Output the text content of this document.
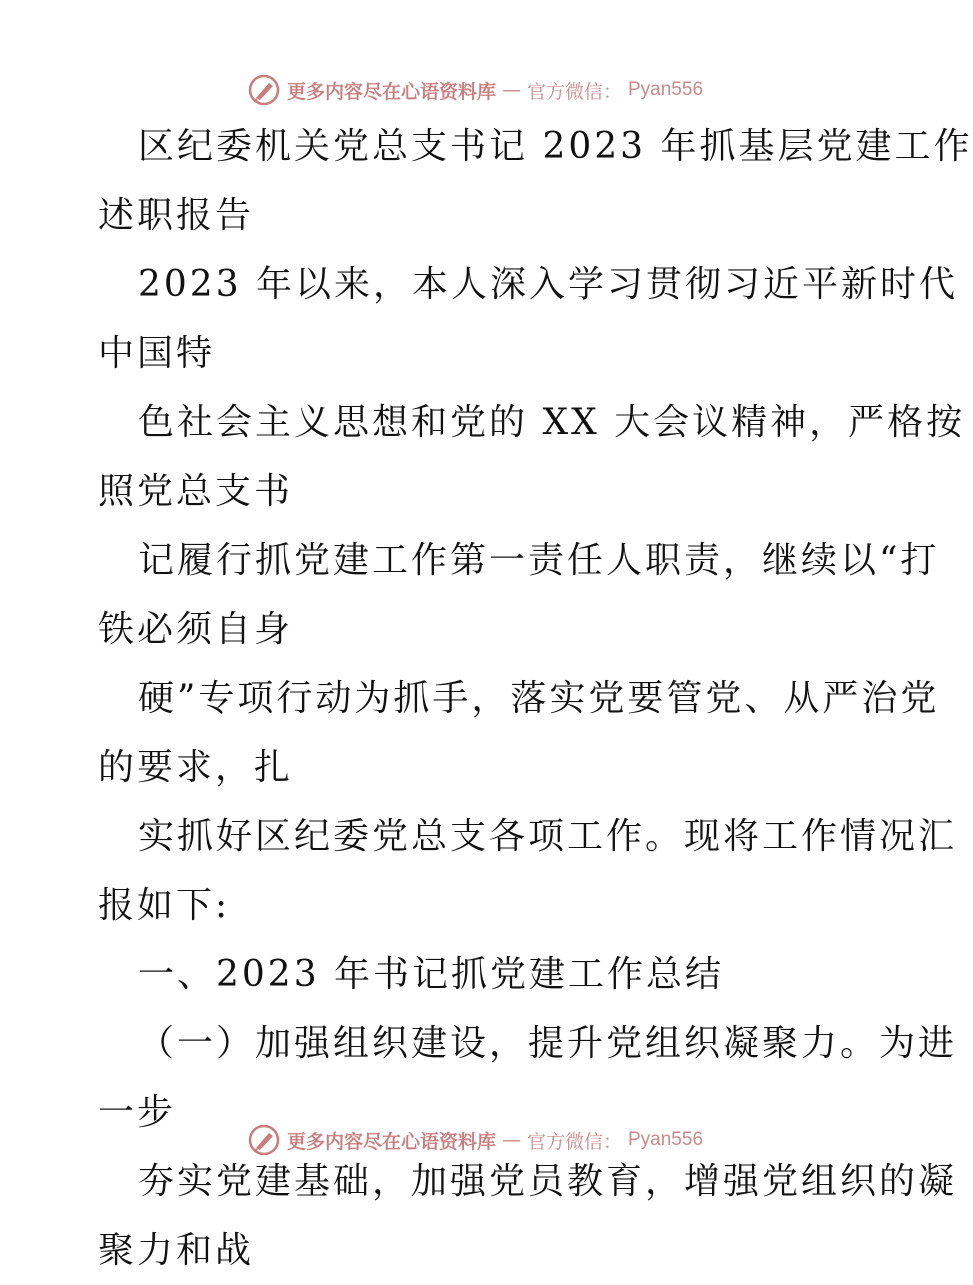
更多内容尽在心语资料库 — 官方微信： Pyan556
区纪委机关党总支书记 2023 年抓基层党建工作
述职报告
2023 年以来，本人深入学习贯彻习近平新时代
中国特
色社会主义思想和党的 XX 大会议精神，严格按
照党总支书
记履行抓党建工作第一责任人职责，继续以“打
铁必须自身
硬”专项行动为抓手，落实党要管党、从严治党
的要求，扎
实抓好区纪委党总支各项工作。现将工作情况汇
报如下:
一、2023 年书记抓党建工作总结
（一）加强组织建设，提升党组织凝聚力。为进
一步
夯实党建基础，加强党员教育，增强党组织的凝
聚力和战
更多内容尽在心语资料库 — 官方微信： Pyan556
